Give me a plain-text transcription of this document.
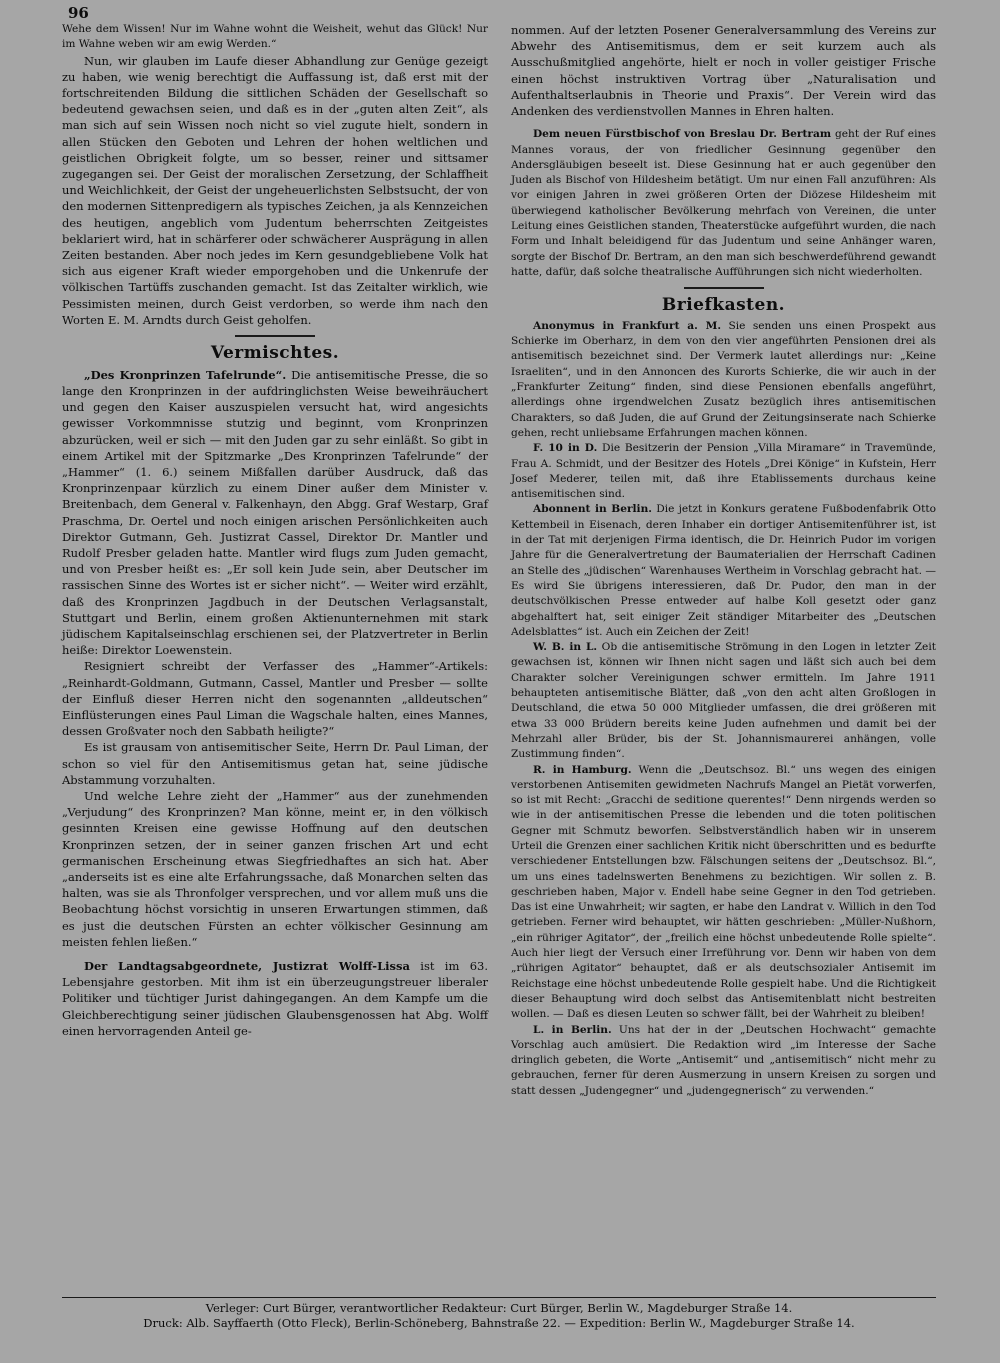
96

Wehe dem Wissen! Nur im Wahne wohnt die Weisheit, wehut das Glück! Nur im Wahne weben wir am ewig Werden.“

Nun, wir glauben im Laufe dieser Abhandlung zur Genüge gezeigt zu haben, wie wenig berechtigt die Auffassung ist, daß erst mit der fortschreitenden Bildung die sittlichen Schäden der Gesellschaft so bedeutend gewachsen seien, und daß es in der „guten alten Zeit“, als man sich auf sein Wissen noch nicht so viel zugute hielt, sondern in allen Stücken den Geboten und Lehren der hohen weltlichen und geistlichen Obrigkeit folgte, um so besser, reiner und sittsamer zugegangen sei. Der Geist der moralischen Zersetzung, der Schlaffheit und Weichlichkeit, der Geist der ungeheuerlichsten Selbstsucht, der von den modernen Sittenpredigern als typisches Zeichen, ja als Kennzeichen des heutigen, angeblich vom Judentum beherrschten Zeitgeistes beklariert wird, hat in schärferer oder schwächerer Ausprägung in allen Zeiten bestanden. Aber noch jedes im Kern gesundgebliebene Volk hat sich aus eigener Kraft wieder emporgehoben und die Unkenrufe der völkischen Tartüffs zuschanden gemacht. Ist das Zeitalter wirklich, wie Pessimisten meinen, durch Geist verdorben, so werde ihm nach den Worten E. M. Arndts durch Geist geholfen.

Vermischtes.

„Des Kronprinzen Tafelrunde“. Die antisemitische Presse, die so lange den Kronprinzen in der aufdringlichsten Weise beweihräuchert und gegen den Kaiser auszuspielen versucht hat, wird angesichts gewisser Vorkommnisse stutzig und beginnt, vom Kronprinzen abzurücken, weil er sich — mit den Juden gar zu sehr einläßt. So gibt in einem Artikel mit der Spitzmarke „Des Kronprinzen Tafelrunde“ der „Hammer“ (1. 6.) seinem Mißfallen darüber Ausdruck, daß das Kronprinzenpaar kürzlich zu einem Diner außer dem Minister v. Breitenbach, dem General v. Falkenhayn, den Abgg. Graf Westarp, Graf Praschma, Dr. Oertel und noch einigen arischen Persönlichkeiten auch Direktor Gutmann, Geh. Justizrat Cassel, Direktor Dr. Mantler und Rudolf Presber geladen hatte. Mantler wird flugs zum Juden gemacht, und von Presber heißt es: „Er soll kein Jude sein, aber Deutscher im rassischen Sinne des Wortes ist er sicher nicht“. — Weiter wird erzählt, daß des Kronprinzen Jagdbuch in der Deutschen Verlagsanstalt, Stuttgart und Berlin, einem großen Aktienunternehmen mit stark jüdischem Kapitalseinschlag erschienen sei, der Platzvertreter in Berlin heiße: Direktor Loewenstein.

Resigniert schreibt der Verfasser des „Hammer“-Artikels: „Reinhardt-Goldmann, Gutmann, Cassel, Mantler und Presber — sollte der Einfluß dieser Herren nicht den sogenannten „alldeutschen“ Einflüsterungen eines Paul Liman die Wagschale halten, eines Mannes, dessen Großvater noch den Sabbath heiligte?“

Es ist grausam von antisemitischer Seite, Herrn Dr. Paul Liman, der schon so viel für den Antisemitismus getan hat, seine jüdische Abstammung vorzuhalten.

Und welche Lehre zieht der „Hammer“ aus der zunehmenden „Verjudung“ des Kronprinzen? Man könne, meint er, in den völkisch gesinnten Kreisen eine gewisse Hoffnung auf den deutschen Kronprinzen setzen, der in seiner ganzen frischen Art und echt germanischen Erscheinung etwas Siegfriedhaftes an sich hat. Aber „anderseits ist es eine alte Erfahrungssache, daß Monarchen selten das halten, was sie als Thronfolger versprechen, und vor allem muß uns die Beobachtung höchst vorsichtig in unseren Erwartungen stimmen, daß es just die deutschen Fürsten an echter völkischer Gesinnung am meisten fehlen ließen.“

Der Landtagsabgeordnete, Justizrat Wolff-Lissa ist im 63. Lebensjahre gestorben. Mit ihm ist ein überzeugungstreuer liberaler Politiker und tüchtiger Jurist dahingegangen. An dem Kampfe um die Gleichberechtigung seiner jüdischen Glaubensgenossen hat Abg. Wolff einen hervorragenden Anteil ge-

nommen. Auf der letzten Posener Generalversammlung des Vereins zur Abwehr des Antisemitismus, dem er seit kurzem auch als Ausschußmitglied angehörte, hielt er noch in voller geistiger Frische einen höchst instruktiven Vortrag über „Naturalisation und Aufenthaltserlaubnis in Theorie und Praxis“. Der Verein wird das Andenken des verdienstvollen Mannes in Ehren halten.

Dem neuen Fürstbischof von Breslau Dr. Bertram geht der Ruf eines Mannes voraus, der von friedlicher Gesinnung gegenüber den Andersgläubigen beseelt ist. Diese Gesinnung hat er auch gegenüber den Juden als Bischof von Hildesheim betätigt. Um nur einen Fall anzuführen: Als vor einigen Jahren in zwei größeren Orten der Diözese Hildesheim mit überwiegend katholischer Bevölkerung mehrfach von Vereinen, die unter Leitung eines Geistlichen standen, Theaterstücke aufgeführt wurden, die nach Form und Inhalt beleidigend für das Judentum und seine Anhänger waren, sorgte der Bischof Dr. Bertram, an den man sich beschwerdeführend gewandt hatte, dafür, daß solche theatralische Aufführungen sich nicht wiederholten.

Briefkasten.

Anonymus in Frankfurt a. M. Sie senden uns einen Prospekt aus Schierke im Oberharz, in dem von den vier angeführten Pensionen drei als antisemitisch bezeichnet sind. Der Vermerk lautet allerdings nur: „Keine Israeliten“, und in den Annoncen des Kurorts Schierke, die wir auch in der „Frankfurter Zeitung“ finden, sind diese Pensionen ebenfalls angeführt, allerdings ohne irgendwelchen Zusatz bezüglich ihres antisemitischen Charakters, so daß Juden, die auf Grund der Zeitungsinserate nach Schierke gehen, recht unliebsame Erfahrungen machen können.

F. 10 in D. Die Besitzerin der Pension „Villa Miramare“ in Travemünde, Frau A. Schmidt, und der Besitzer des Hotels „Drei Könige“ in Kufstein, Herr Josef Mederer, teilen mit, daß ihre Etablissements durchaus keine antisemitischen sind.

Abonnent in Berlin. Die jetzt in Konkurs geratene Fußbodenfabrik Otto Kettembeil in Eisenach, deren Inhaber ein dortiger Antisemitenführer ist, ist in der Tat mit derjenigen Firma identisch, die Dr. Heinrich Pudor im vorigen Jahre für die Generalvertretung der Baumaterialien der Herrschaft Cadinen an Stelle des „jüdischen“ Warenhauses Wertheim in Vorschlag gebracht hat. — Es wird Sie übrigens interessieren, daß Dr. Pudor, den man in der deutschvölkischen Presse entweder auf halbe Koll gesetzt oder ganz abgehalftert hat, seit einiger Zeit ständiger Mitarbeiter des „Deutschen Adelsblattes“ ist. Auch ein Zeichen der Zeit!

W. B. in L. Ob die antisemitische Strömung in den Logen in letzter Zeit gewachsen ist, können wir Ihnen nicht sagen und läßt sich auch bei dem Charakter solcher Vereinigungen schwer ermitteln. Im Jahre 1911 behaupteten antisemitische Blätter, daß „von den acht alten Großlogen in Deutschland, die etwa 50 000 Mitglieder umfassen, die drei größeren mit etwa 33 000 Brüdern bereits keine Juden aufnehmen und damit bei der Mehrzahl aller Brüder, bis der St. Johannismaurerei anhängen, volle Zustimmung finden“.

R. in Hamburg. Wenn die „Deutschsoz. Bl.“ uns wegen des einigen verstorbenen Antisemiten gewidmeten Nachrufs Mangel an Pietät vorwerfen, so ist mit Recht: „Gracchi de seditione querentes!“ Denn nirgends werden so wie in der antisemitischen Presse die lebenden und die toten politischen Gegner mit Schmutz beworfen. Selbstverständlich haben wir in unserem Urteil die Grenzen einer sachlichen Kritik nicht überschritten und es bedurfte verschiedener Entstellungen bzw. Fälschungen seitens der „Deutschsoz. Bl.“, um uns eines tadelnswerten Benehmens zu bezichtigen. Wir sollen z. B. geschrieben haben, Major v. Endell habe seine Gegner in den Tod getrieben. Das ist eine Unwahrheit; wir sagten, er habe den Landrat v. Willich in den Tod getrieben. Ferner wird behauptet, wir hätten geschrieben: „Müller-Nußhorn, „ein rühriger Agitator“, der „freilich eine höchst unbedeutende Rolle spielte“. Auch hier liegt der Versuch einer Irreführung vor. Denn wir haben von dem „rührigen Agitator“ behauptet, daß er als deutschsozialer Antisemit im Reichstage eine höchst unbedeutende Rolle gespielt habe. Und die Richtigkeit dieser Behauptung wird doch selbst das Antisemitenblatt nicht bestreiten wollen. — Daß es diesen Leuten so schwer fällt, bei der Wahrheit zu bleiben!

L. in Berlin. Uns hat der in der „Deutschen Hochwacht“ gemachte Vorschlag auch amüsiert. Die Redaktion wird „im Interesse der Sache dringlich gebeten, die Worte „Antisemit“ und „antisemitisch“ nicht mehr zu gebrauchen, ferner für deren Ausmerzung in unsern Kreisen zu sorgen und statt dessen „Judengegner“ und „judengegnerisch“ zu verwenden.“

Verleger: Curt Bürger, verantwortlicher Redakteur: Curt Bürger, Berlin W., Magdeburger Straße 14.
Druck: Alb. Sayffaerth (Otto Fleck), Berlin-Schöneberg, Bahnstraße 22. — Expedition: Berlin W., Magdeburger Straße 14.
